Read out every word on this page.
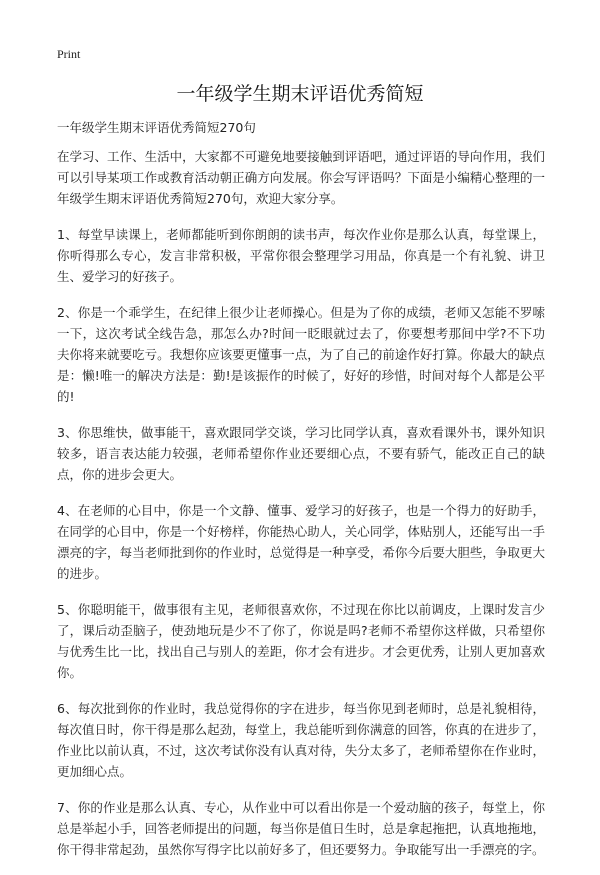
Print
一年级学生期末评语优秀简短

一年级学生期末评语优秀简短270句

在学习、工作、生活中，大家都不可避免地要接触到评语吧，通过评语的导向作用，我们可以引导某项工作或教育活动朝正确方向发展。你会写评语吗？下面是小编精心整理的一年级学生期末评语优秀简短270句，欢迎大家分享。

1、每堂早读课上，老师都能听到你朗朗的读书声，每次作业你是那么认真，每堂课上，你听得那么专心，发言非常积极，平常你很会整理学习用品，你真是一个有礼貌、讲卫生、爱学习的好孩子。

2、你是一个乖学生，在纪律上很少让老师操心。但是为了你的成绩，老师又怎能不罗嗦一下，这次考试全线告急，那怎么办?时间一眨眼就过去了，你要想考那间中学?不下功夫你将来就要吃亏。我想你应该要更懂事一点，为了自己的前途作好打算。你最大的缺点是：懒!唯一的解决方法是：勤!是该振作的时候了，好好的珍惜，时间对每个人都是公平的!

3、你思维快，做事能干，喜欢跟同学交谈，学习比同学认真，喜欢看课外书，课外知识较多，语言表达能力较强，老师希望你作业还要细心点，不要有骄气，能改正自己的缺点，你的进步会更大。

4、在老师的心目中，你是一个文静、懂事、爱学习的好孩子，也是一个得力的好助手，在同学的心目中，你是一个好榜样，你能热心助人，关心同学，体贴别人，还能写出一手漂亮的字，每当老师批到你的作业时，总觉得是一种享受，希你今后要大胆些，争取更大的进步。

5、你聪明能干，做事很有主见，老师很喜欢你，不过现在你比以前调皮，上课时发言少了，课后动歪脑子，使劲地玩是少不了你了，你说是吗?老师不希望你这样做，只希望你与优秀生比一比，找出自己与别人的差距，你才会有进步。才会更优秀，让别人更加喜欢你。

6、每次批到你的作业时，我总觉得你的字在进步，每当你见到老师时，总是礼貌相待，每次值日时，你干得是那么起劲，每堂上，我总能听到你满意的回答，你真的在进步了，作业比以前认真，不过，这次考试你没有认真对待，失分太多了，老师希望你在作业时，更加细心点。

7、你的作业是那么认真、专心，从作业中可以看出你是一个爱动脑的孩子，每堂上，你总是举起小手，回答老师提出的问题，每当你是值日生时，总是拿起拖把，认真地拖地，你干得非常起劲，虽然你写得字比以前好多了，但还要努力。争取能写出一手漂亮的字。
